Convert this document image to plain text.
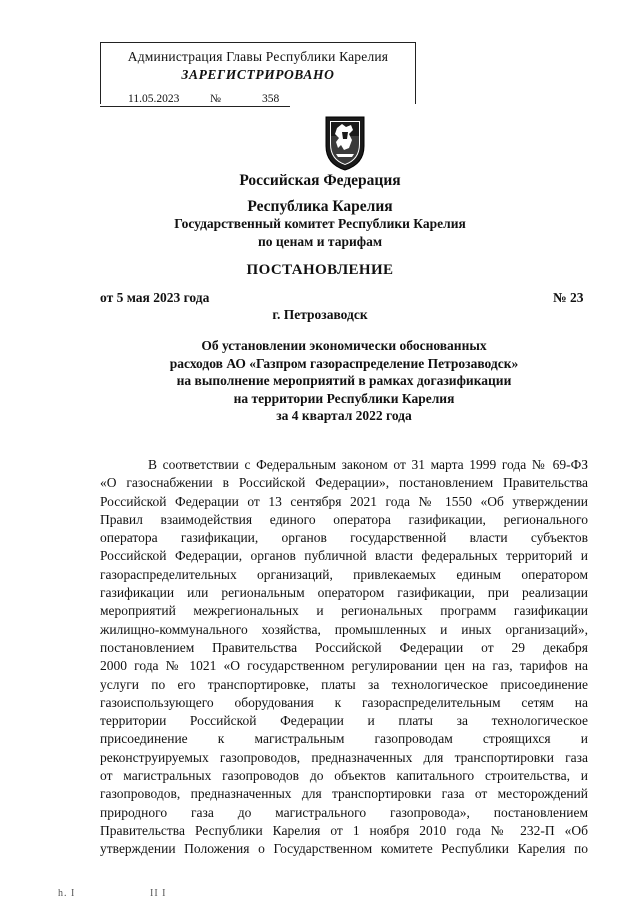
Администрация Главы Республики Карелия
ЗАРЕГИСТРИРОВАНО
11.05.2023	№	358
Российская Федерация
Республика Карелия
Государственный комитет Республики Карелия
по ценам и тарифам
ПОСТАНОВЛЕНИЕ
от 5 мая 2023 года	№ 23
г. Петрозаводск
Об установлении экономически обоснованных
расходов АО «Газпром газораспределение Петрозаводск»
на выполнение мероприятий в рамках догазификации
на территории Республики Карелия
за 4 квартал 2022 года
В соответствии с Федеральным законом от 31 марта 1999 года № 69-ФЗ
«О газоснабжении в Российской Федерации», постановлением Правительства
Российской Федерации от 13 сентября 2021 года № 1550 «Об утверждении
Правил взаимодействия единого оператора газификации, регионального
оператора газификации, органов государственной власти субъектов
Российской Федерации, органов публичной власти федеральных территорий и
газораспределительных организаций, привлекаемых единым оператором
газификации или региональным оператором газификации, при реализации
мероприятий межрегиональных и региональных программ газификации
жилищно-коммунального хозяйства, промышленных и иных организаций»,
постановлением Правительства Российской Федерации от 29 декабря
2000 года № 1021 «О государственном регулировании цен на газ, тарифов на
услуги по его транспортировке, платы за технологическое присоединение
газоиспользующего оборудования к газораспределительным сетям на
территории Российской Федерации и платы за технологическое
присоединение к магистральным газопроводам строящихся и
реконструируемых газопроводов, предназначенных для транспортировки газа
от магистральных газопроводов до объектов капитального строительства, и
газопроводов, предназначенных для транспортировки газа от месторождений
природного газа до магистрального газопровода», постановлением
Правительства Республики Карелия от 1 ноября 2010 года № 232-П «Об
утверждении Положения о Государственном комитете Республики Карелия по
h. I	II I
